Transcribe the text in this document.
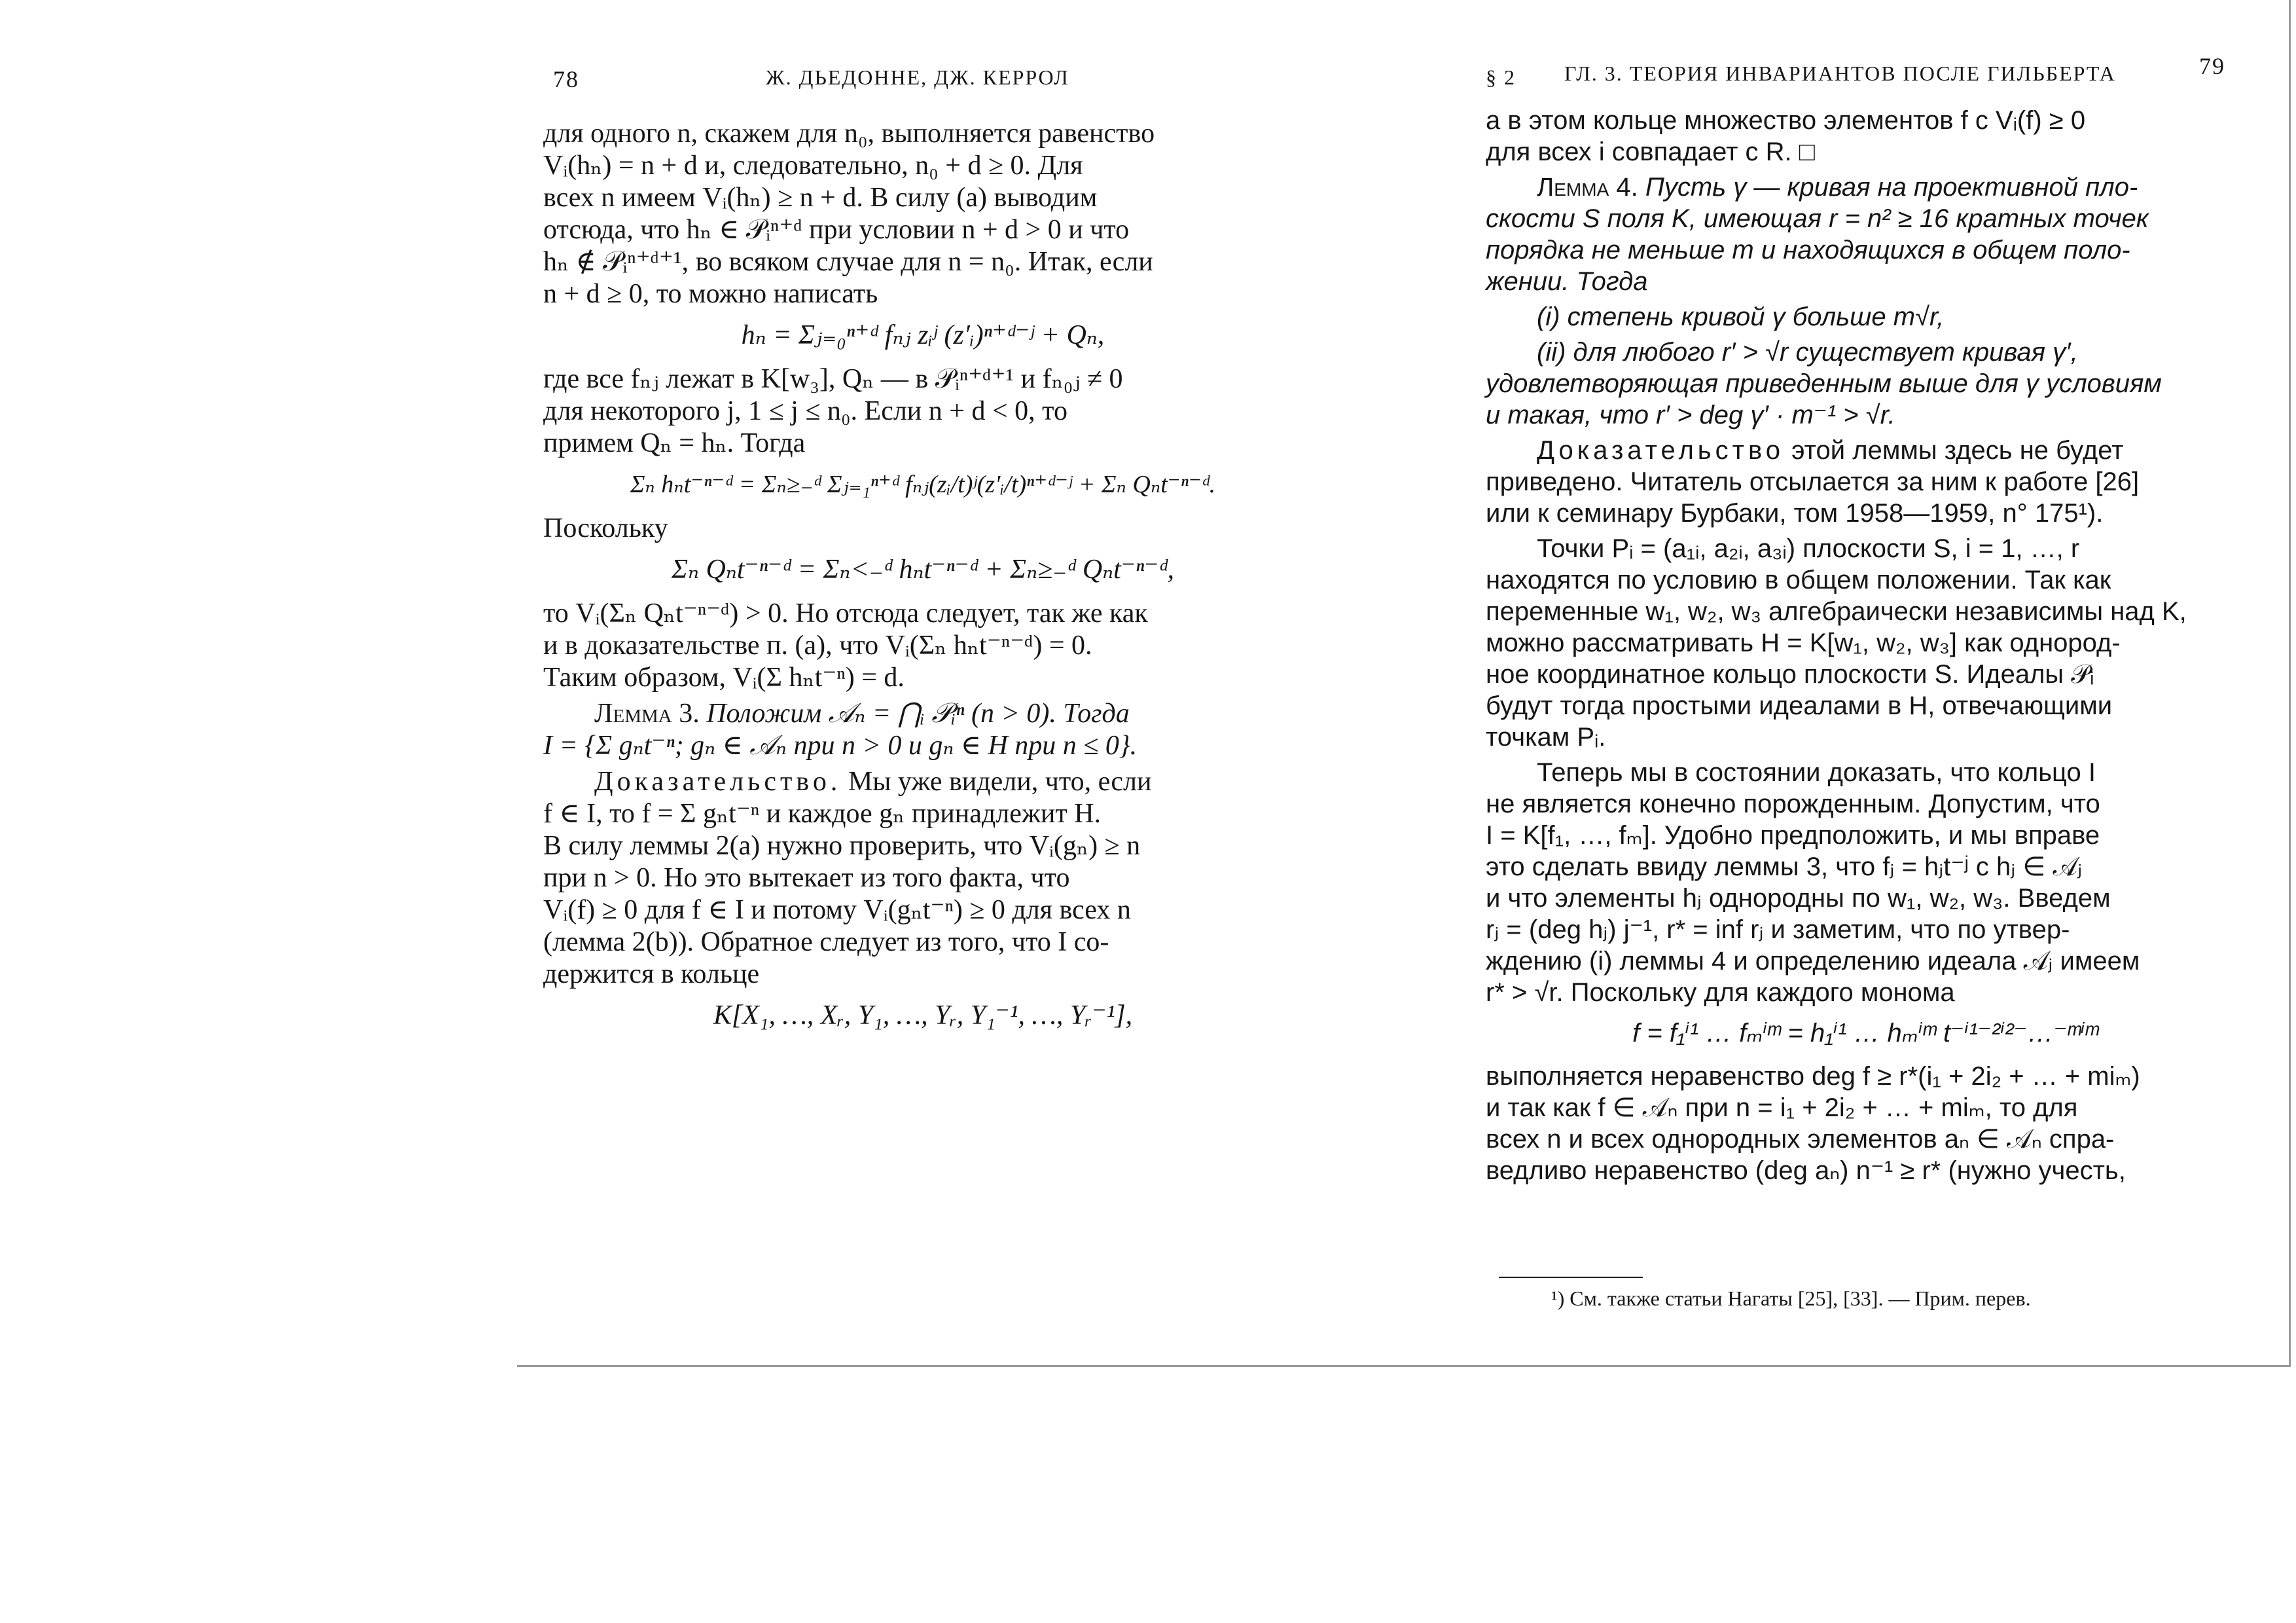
78	Ж. ДЬЕДОННЕ, ДЖ. КЕРРОЛ

для одного n, скажем для n₀, выполняется равенство
Vᵢ(hₙ) = n + d и, следовательно, n₀ + d ≥ 0. Для
всех n имеем Vᵢ(hₙ) ≥ n + d. В силу (а) выводим
отсюда, что hₙ ∈ 𝒫ᵢⁿ⁺ᵈ при условии n + d > 0 и что
hₙ ∉ 𝒫ᵢⁿ⁺ᵈ⁺¹, во всяком случае для n = n₀. Итак, если
n + d ≥ 0, то можно написать

hₙ = Σⱼ₌₀ⁿ⁺ᵈ fₙⱼ zᵢʲ (z′ᵢ)ⁿ⁺ᵈ⁻ʲ + Qₙ,

где все fₙⱼ лежат в K[w₃], Qₙ — в 𝒫ᵢⁿ⁺ᵈ⁺¹ и fₙ₀ⱼ ≠ 0
для некоторого j, 1 ≤ j ≤ n₀. Если n + d < 0, то
примем Qₙ = hₙ. Тогда

Σₙ hₙt⁻ⁿ⁻ᵈ = Σₙ≥₋ᵈ Σⱼ₌₁ⁿ⁺ᵈ fₙⱼ(zᵢ/t)ʲ(z′ᵢ/t)ⁿ⁺ᵈ⁻ʲ + Σₙ Qₙt⁻ⁿ⁻ᵈ.

Поскольку

Σₙ Qₙt⁻ⁿ⁻ᵈ = Σₙ<₋ᵈ hₙt⁻ⁿ⁻ᵈ + Σₙ≥₋ᵈ Qₙt⁻ⁿ⁻ᵈ,

то Vᵢ(Σₙ Qₙt⁻ⁿ⁻ᵈ) > 0. Но отсюда следует, так же как
и в доказательстве п. (а), что Vᵢ(Σₙ hₙt⁻ⁿ⁻ᵈ) = 0.
Таким образом, Vᵢ(Σ hₙt⁻ⁿ) = d.

Лемма 3. Положим 𝒜ₙ = ⋂ᵢ 𝒫ᵢⁿ (n > 0). Тогда
I = {Σ gₙt⁻ⁿ; gₙ ∈ 𝒜ₙ при n > 0 и gₙ ∈ H при n ≤ 0}.

Доказательство. Мы уже видели, что, если
f ∈ I, то f = Σ gₙt⁻ⁿ и каждое gₙ принадлежит H.
В силу леммы 2(а) нужно проверить, что Vᵢ(gₙ) ≥ n
при n > 0. Но это вытекает из того факта, что
Vᵢ(f) ≥ 0 для f ∈ I и потому Vᵢ(gₙt⁻ⁿ) ≥ 0 для всех n
(лемма 2(b)). Обратное следует из того, что I со-
держится в кольце

K[X₁, …, Xᵣ, Y₁, …, Yᵣ, Y₁⁻¹, …, Yᵣ⁻¹],
§ 2 ГЛ. 3. ТЕОРИЯ ИНВАРИАНТОВ ПОСЛЕ ГИЛЬБЕРТА	79

а в этом кольце множество элементов f с Vᵢ(f) ≥ 0
для всех i совпадает с R. □

Лемма 4. Пусть γ — кривая на проективной пло-
скости S поля K, имеющая r = n² ≥ 16 кратных точек
порядка не меньше m и находящихся в общем поло-
жении. Тогда

(i) степень кривой γ больше m√r,

(ii) для любого r′ > √r существует кривая γ′,
удовлетворяющая приведенным выше для γ условиям
и такая, что r′ > deg γ′ · m⁻¹ > √r.

Доказательство этой леммы здесь не будет
приведено. Читатель отсылается за ним к работе [26]
или к семинару Бурбаки, том 1958—1959, n° 175¹).

Точки Pᵢ = (a₁ᵢ, a₂ᵢ, a₃ᵢ) плоскости S, i = 1, …, r
находятся по условию в общем положении. Так как
переменные w₁, w₂, w₃ алгебраически независимы над K,
можно рассматривать H = K[w₁, w₂, w₃] как однород-
ное координатное кольцо плоскости S. Идеалы 𝒫ᵢ
будут тогда простыми идеалами в H, отвечающими
точкам Pᵢ.

Теперь мы в состоянии доказать, что кольцо I
не является конечно порожденным. Допустим, что
I = K[f₁, …, fₘ]. Удобно предположить, и мы вправе
это сделать ввиду леммы 3, что fⱼ = hⱼt⁻ʲ с hⱼ ∈ 𝒜ⱼ
и что элементы hⱼ однородны по w₁, w₂, w₃. Введем
rⱼ = (deg hⱼ) j⁻¹, r* = inf rⱼ и заметим, что по утвер-
ждению (i) леммы 4 и определению идеала 𝒜ⱼ имеем
r* > √r. Поскольку для каждого монома

f = f₁ⁱ¹ … fₘⁱᵐ = h₁ⁱ¹ … hₘⁱᵐ t⁻ⁱ¹⁻²ⁱ²⁻…⁻ᵐⁱᵐ

выполняется неравенство deg f ≥ r*(i₁ + 2i₂ + … + miₘ)
и так как f ∈ 𝒜ₙ при n = i₁ + 2i₂ + … + miₘ, то для
всех n и всех однородных элементов aₙ ∈ 𝒜ₙ спра-
ведливо неравенство (deg aₙ) n⁻¹ ≥ r* (нужно учесть,

¹) См. также статьи Нагаты [25], [33]. — Прим. перев.
